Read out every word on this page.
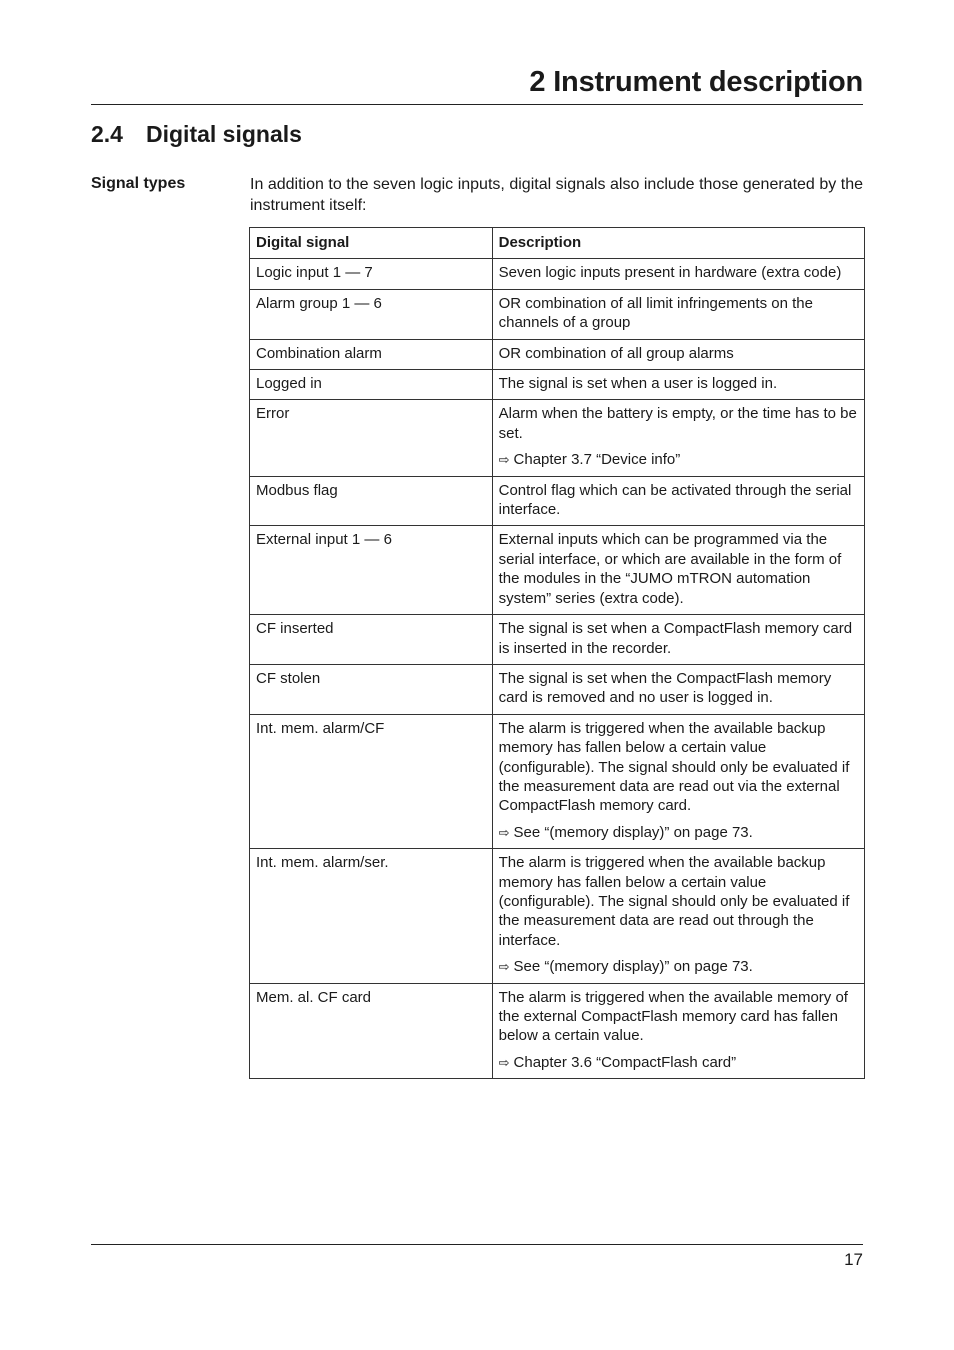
2 Instrument description
2.4 Digital signals
Signal types	In addition to the seven logic inputs, digital signals also include those generated by the instrument itself:

Digital signal	Description
Logic input 1 — 7	Seven logic inputs present in hardware (extra code)

Alarm group 1 — 6	OR combination of all limit infringements on the channels of a group

Combination alarm	OR combination of all group alarms

Logged in	The signal is set when a user is logged in.

Error	Alarm when the battery is empty, or the time has to be set.
⇨ Chapter 3.7 “Device info”

Modbus flag	Control flag which can be activated through the serial interface.

External input 1 — 6	External inputs which can be programmed via the serial interface, or which are available in the form of the modules in the “JUMO mTRON automation system” series (extra code).

CF inserted	The signal is set when a CompactFlash memory card is inserted in the recorder.

CF stolen	The signal is set when the CompactFlash memory card is removed and no user is logged in.

Int. mem. alarm/CF	The alarm is triggered when the available backup memory has fallen below a certain value (configurable). The signal should only be evaluated if the measurement data are read out via the external CompactFlash memory card.
⇨ See “(memory display)” on page 73.

Int. mem. alarm/ser.	The alarm is triggered when the available backup memory has fallen below a certain value (configurable). The signal should only be evaluated if the measurement data are read out through the interface.
⇨ See “(memory display)” on page 73.

Mem. al. CF card	The alarm is triggered when the available memory of the external CompactFlash memory card has fallen below a certain value.
⇨ Chapter 3.6 “CompactFlash card”
17
